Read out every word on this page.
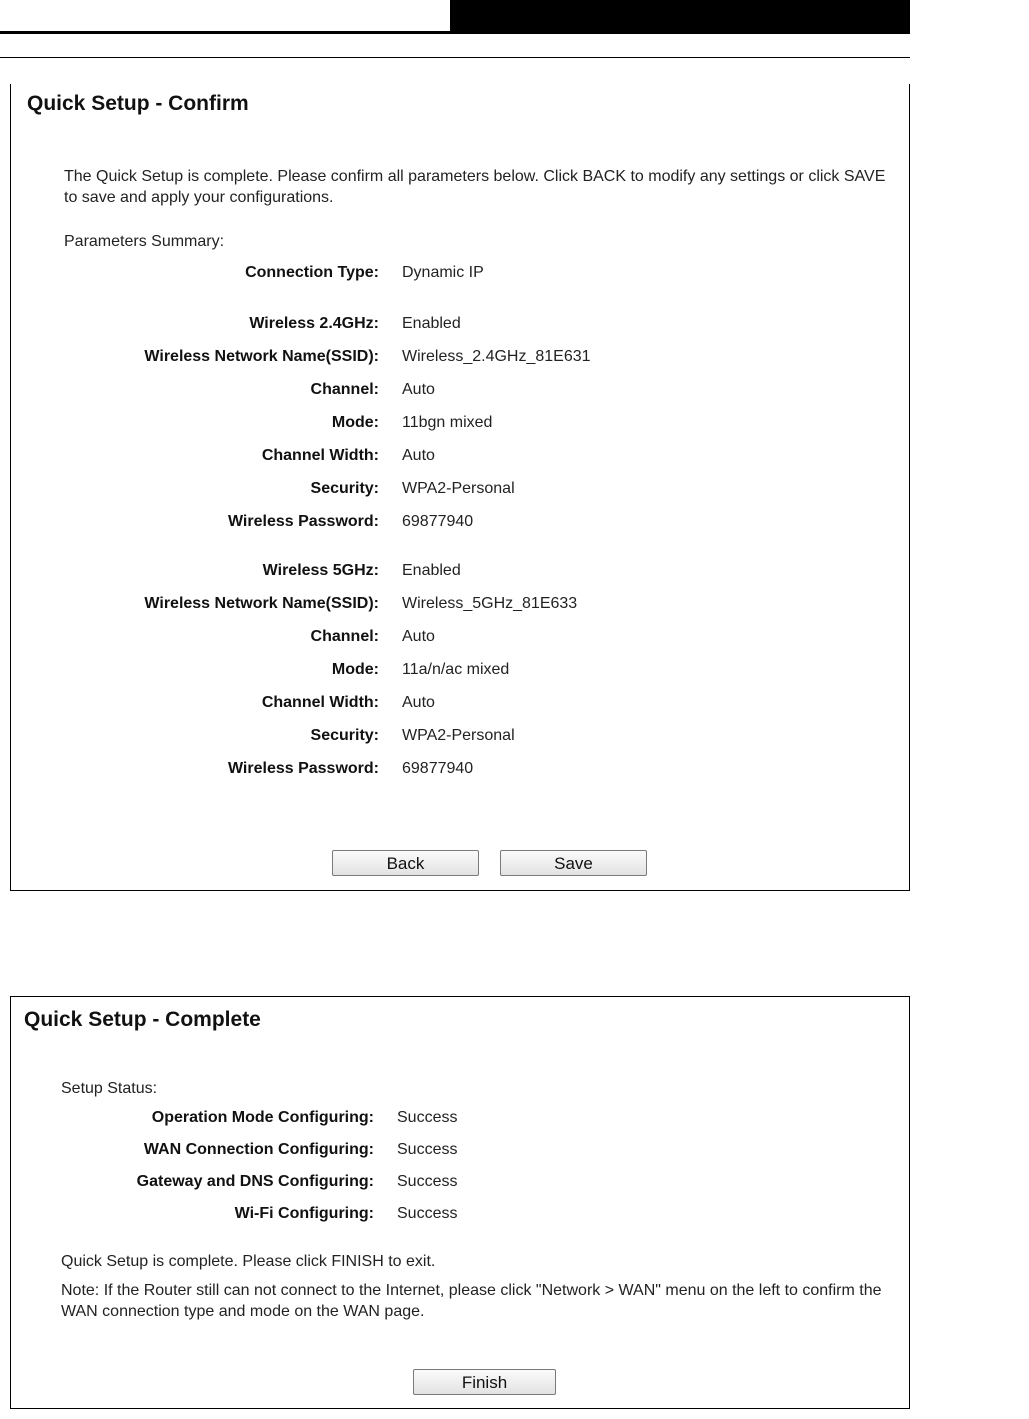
Quick Setup - Confirm
The Quick Setup is complete. Please confirm all parameters below. Click BACK to modify any settings or click SAVE to save and apply your configurations.
Parameters Summary:
Connection Type: Dynamic IP
Wireless 2.4GHz: Enabled
Wireless Network Name(SSID): Wireless_2.4GHz_81E631
Channel: Auto
Mode: 11bgn mixed
Channel Width: Auto
Security: WPA2-Personal
Wireless Password: 69877940
Wireless 5GHz: Enabled
Wireless Network Name(SSID): Wireless_5GHz_81E633
Channel: Auto
Mode: 11a/n/ac mixed
Channel Width: Auto
Security: WPA2-Personal
Wireless Password: 69877940
Back	Save
Quick Setup - Complete
Setup Status:
Operation Mode Configuring: Success
WAN Connection Configuring: Success
Gateway and DNS Configuring: Success
Wi-Fi Configuring: Success
Quick Setup is complete. Please click FINISH to exit.
Note: If the Router still can not connect to the Internet, please click "Network > WAN" menu on the left to confirm the WAN connection type and mode on the WAN page.
Finish
